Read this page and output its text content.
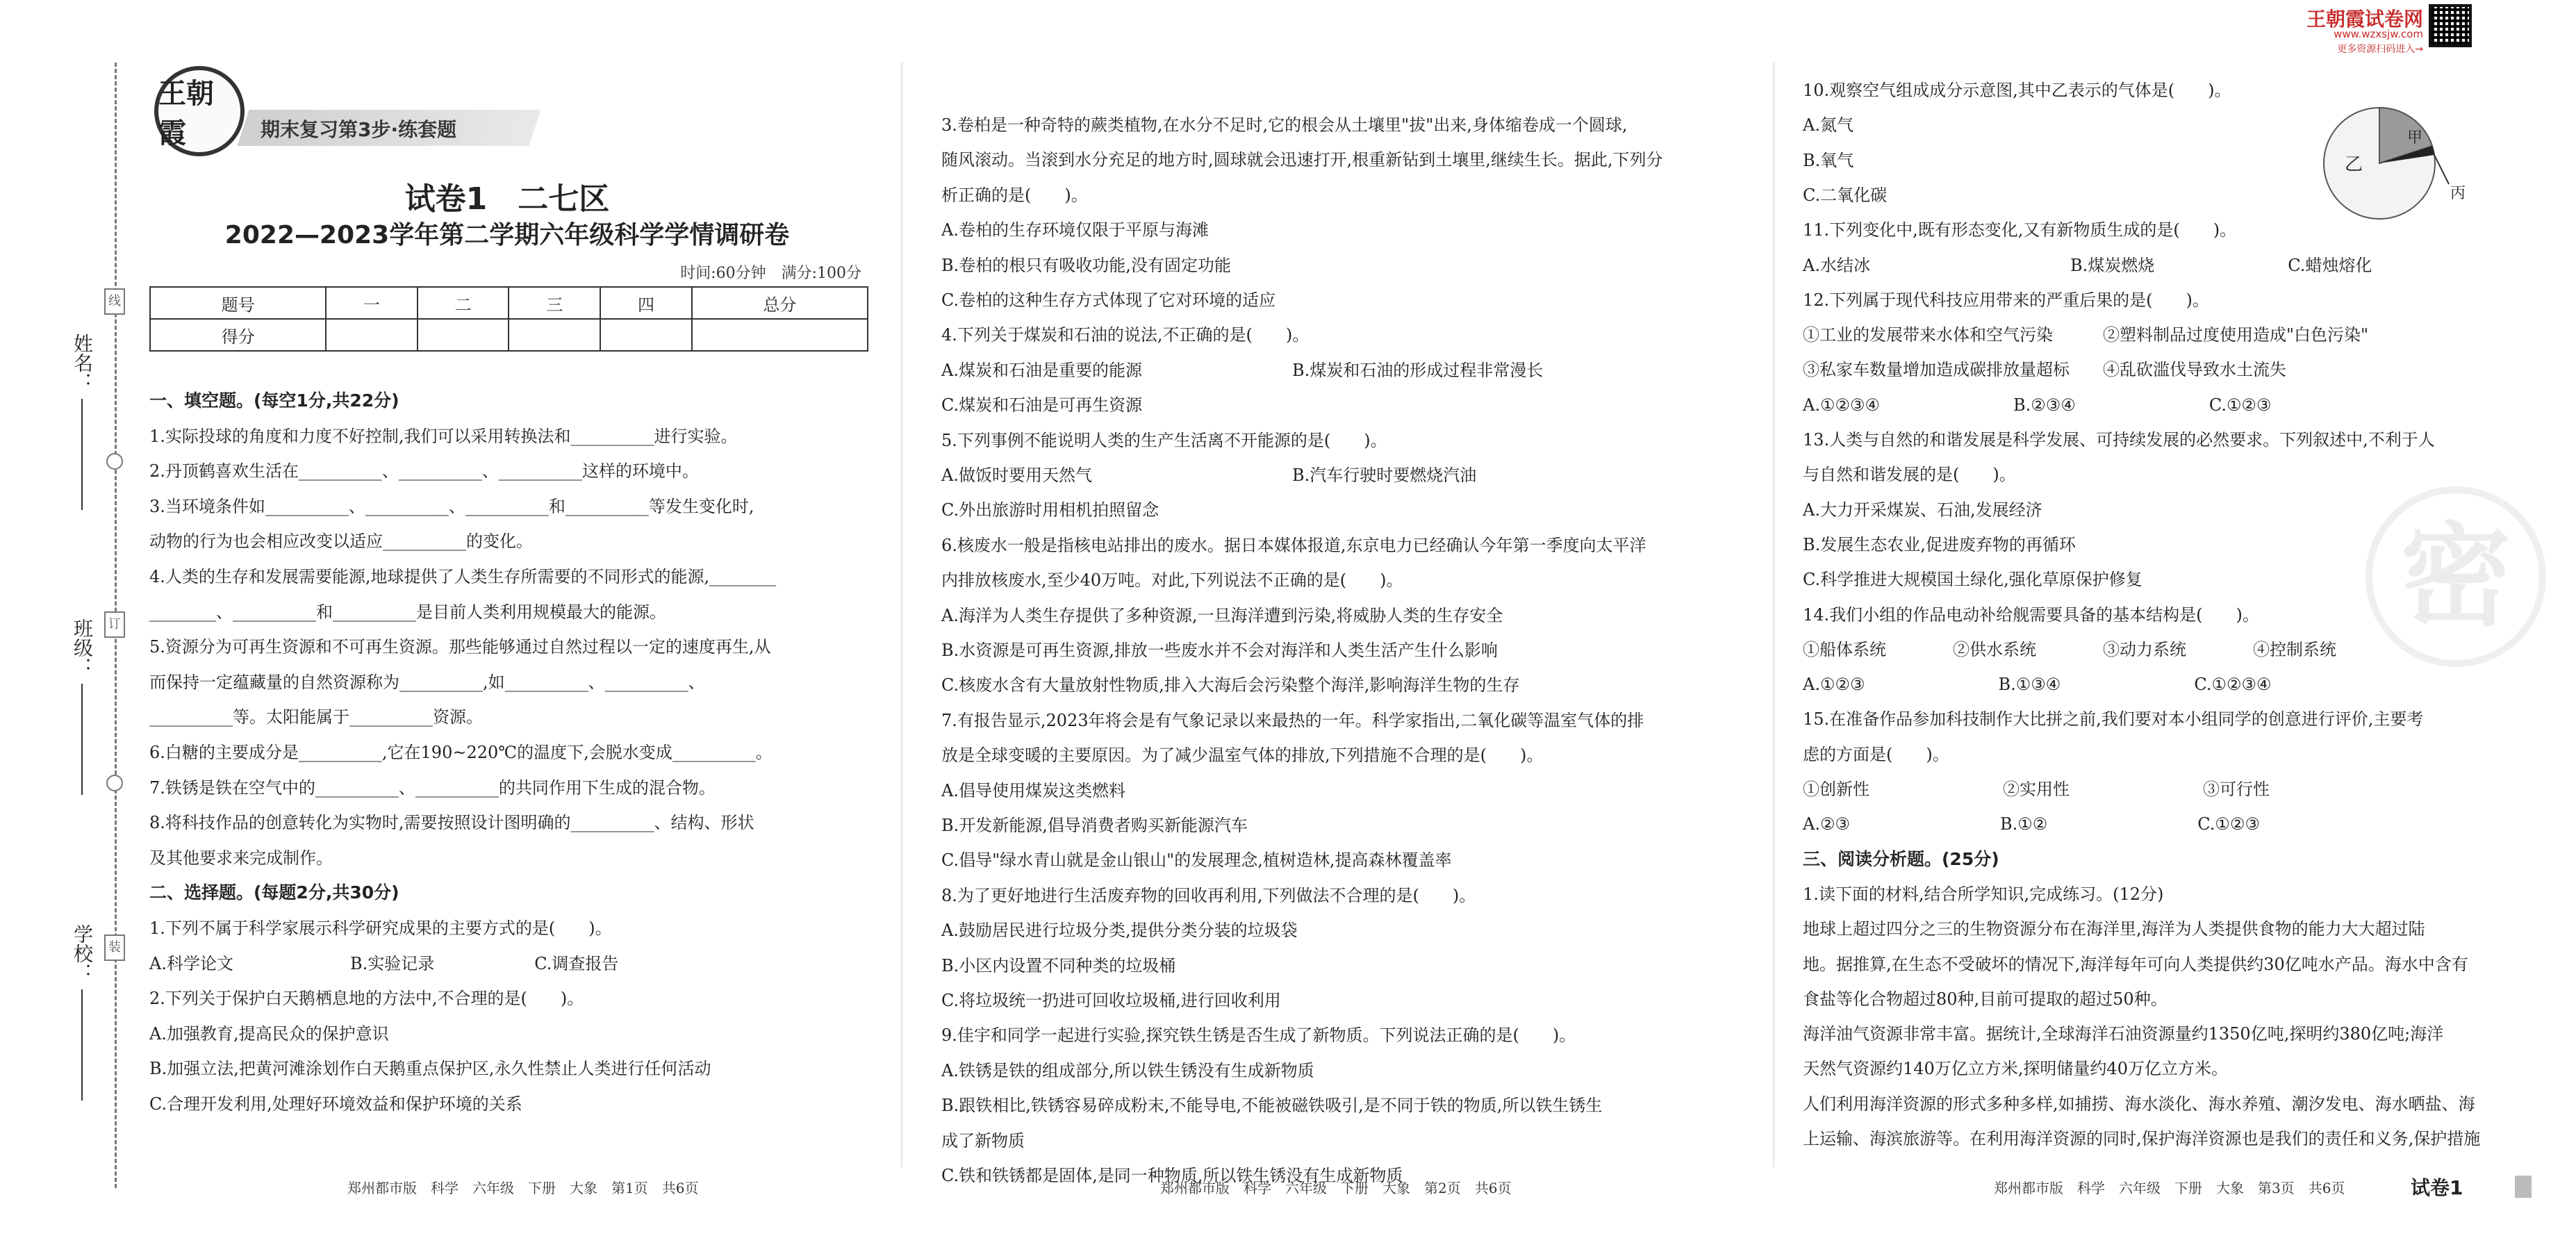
姓名：
班级：
学校：
线
订
装
王朝霞试卷网
www.wzxsjw.com
更多资源扫码进入→
王朝霞	期末复习第3步·练套题
试卷1　二七区
2022—2023学年第二学期六年级科学学情调研卷
时间:60分钟　满分:100分
题号	一	二	三	四	总分
得分					
一、填空题。(每空1分,共22分)
1.实际投球的角度和力度不好控制,我们可以采用转换法和__________进行实验。
2.丹顶鹤喜欢生活在__________、__________、__________这样的环境中。
3.当环境条件如__________、__________、__________和__________等发生变化时,
动物的行为也会相应改变以适应__________的变化。
4.人类的生存和发展需要能源,地球提供了人类生存所需要的不同形式的能源,________
________、__________和__________是目前人类利用规模最大的能源。
5.资源分为可再生资源和不可再生资源。那些能够通过自然过程以一定的速度再生,从
而保持一定蕴藏量的自然资源称为__________,如__________、__________、
__________等。太阳能属于__________资源。
6.白糖的主要成分是__________,它在190~220℃的温度下,会脱水变成__________。
7.铁锈是铁在空气中的__________、__________的共同作用下生成的混合物。
8.将科技作品的创意转化为实物时,需要按照设计图明确的__________、结构、形状
及其他要求来完成制作。
二、选择题。(每题2分,共30分)
1.下列不属于科学家展示科学研究成果的主要方式的是(　　)。
A.科学论文　　　　　　　B.实验记录　　　　　　C.调查报告
2.下列关于保护白天鹅栖息地的方法中,不合理的是(　　)。
A.加强教育,提高民众的保护意识
B.加强立法,把黄河滩涂划作白天鹅重点保护区,永久性禁止人类进行任何活动
C.合理开发利用,处理好环境效益和保护环境的关系
郑州都市版　科学　六年级　下册　大象　第1页　共6页
3.卷柏是一种奇特的蕨类植物,在水分不足时,它的根会从土壤里"拔"出来,身体缩卷成一个圆球,
随风滚动。当滚到水分充足的地方时,圆球就会迅速打开,根重新钻到土壤里,继续生长。据此,下列分
析正确的是(　　)。
A.卷柏的生存环境仅限于平原与海滩
B.卷柏的根只有吸收功能,没有固定功能
C.卷柏的这种生存方式体现了它对环境的适应
4.下列关于煤炭和石油的说法,不正确的是(　　)。
A.煤炭和石油是重要的能源　　　　　　　　　B.煤炭和石油的形成过程非常漫长
C.煤炭和石油是可再生资源
5.下列事例不能说明人类的生产生活离不开能源的是(　　)。
A.做饭时要用天然气　　　　　　　　　　　　B.汽车行驶时要燃烧汽油
C.外出旅游时用相机拍照留念
6.核废水一般是指核电站排出的废水。据日本媒体报道,东京电力已经确认今年第一季度向太平洋
内排放核废水,至少40万吨。对此,下列说法不正确的是(　　)。
A.海洋为人类生存提供了多种资源,一旦海洋遭到污染,将威胁人类的生存安全
B.水资源是可再生资源,排放一些废水并不会对海洋和人类生活产生什么影响
C.核废水含有大量放射性物质,排入大海后会污染整个海洋,影响海洋生物的生存
7.有报告显示,2023年将会是有气象记录以来最热的一年。科学家指出,二氧化碳等温室气体的排
放是全球变暖的主要原因。为了减少温室气体的排放,下列措施不合理的是(　　)。
A.倡导使用煤炭这类燃料
B.开发新能源,倡导消费者购买新能源汽车
C.倡导"绿水青山就是金山银山"的发展理念,植树造林,提高森林覆盖率
8.为了更好地进行生活废弃物的回收再利用,下列做法不合理的是(　　)。
A.鼓励居民进行垃圾分类,提供分类分装的垃圾袋
B.小区内设置不同种类的垃圾桶
C.将垃圾统一扔进可回收垃圾桶,进行回收利用
9.佳宇和同学一起进行实验,探究铁生锈是否生成了新物质。下列说法正确的是(　　)。
A.铁锈是铁的组成部分,所以铁生锈没有生成新物质
B.跟铁相比,铁锈容易碎成粉末,不能导电,不能被磁铁吸引,是不同于铁的物质,所以铁生锈生
成了新物质
C.铁和铁锈都是固体,是同一种物质,所以铁生锈没有生成新物质
郑州都市版　科学　六年级　下册　大象　第2页　共6页
10.观察空气组成成分示意图,其中乙表示的气体是(　　)。
A.氮气
B.氧气
C.二氧化碳
11.下列变化中,既有形态变化,又有新物质生成的是(　　)。
A.水结冰　　　　　　　　　　　　B.煤炭燃烧　　　　　　　　C.蜡烛熔化
12.下列属于现代科技应用带来的严重后果的是(　　)。
①工业的发展带来水体和空气污染　　　②塑料制品过度使用造成"白色污染"
③私家车数量增加造成碳排放量超标　　④乱砍滥伐导致水土流失
A.①②③④　　　　　　　　B.②③④　　　　　　　　C.①②③
13.人类与自然的和谐发展是科学发展、可持续发展的必然要求。下列叙述中,不利于人
与自然和谐发展的是(　　)。
A.大力开采煤炭、石油,发展经济
B.发展生态农业,促进废弃物的再循环
C.科学推进大规模国土绿化,强化草原保护修复
14.我们小组的作品电动补给舰需要具备的基本结构是(　　)。
①船体系统　　　　②供水系统　　　　③动力系统　　　　④控制系统
A.①②③　　　　　　　　B.①③④　　　　　　　　C.①②③④
15.在准备作品参加科技制作大比拼之前,我们要对本小组同学的创意进行评价,主要考
虑的方面是(　　)。
①创新性　　　　　　　　②实用性　　　　　　　　③可行性
A.②③　　　　　　　　　B.①②　　　　　　　　　C.①②③
三、阅读分析题。(25分)
1.读下面的材料,结合所学知识,完成练习。(12分)
地球上超过四分之三的生物资源分布在海洋里,海洋为人类提供食物的能力大大超过陆
地。据推算,在生态不受破坏的情况下,海洋每年可向人类提供约30亿吨水产品。海水中含有
食盐等化合物超过80种,目前可提取的超过50种。
海洋油气资源非常丰富。据统计,全球海洋石油资源量约1350亿吨,探明约380亿吨;海洋
天然气资源约140万亿立方米,探明储量约40万亿立方米。
人们利用海洋资源的形式多种多样,如捕捞、海水淡化、海水养殖、潮汐发电、海水晒盐、海
上运输、海滨旅游等。在利用海洋资源的同时,保护海洋资源也是我们的责任和义务,保护措施
郑州都市版　科学　六年级　下册　大象　第3页　共6页
乙
甲
丙
密
试卷1
